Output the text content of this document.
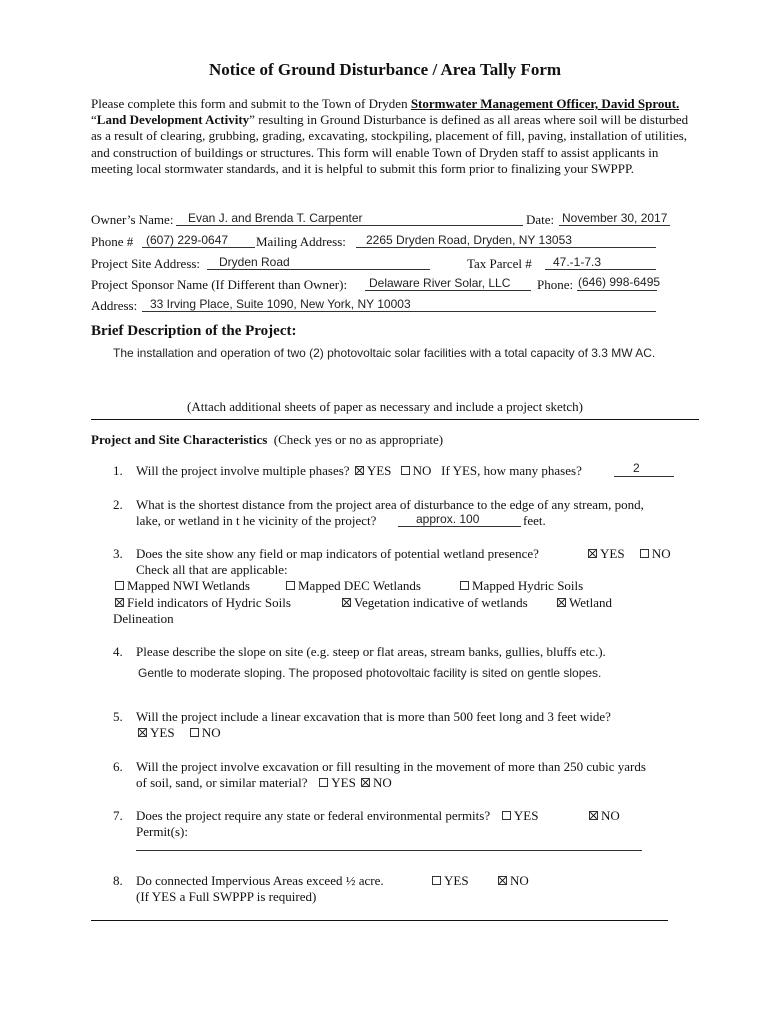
Notice of Ground Disturbance / Area Tally Form

Please complete this form and submit to the Town of Dryden Stormwater Management Officer, David Sprout. “Land Development Activity” resulting in Ground Disturbance is defined as all areas where soil will be disturbed as a result of clearing, grubbing, grading, excavating, stockpiling, placement of fill, paving, installation of utilities, and construction of buildings or structures. This form will enable Town of Dryden staff to assist applicants in meeting local stormwater standards, and it is helpful to submit this form prior to finalizing your SWPPP.

Owner’s Name: Evan J. and Brenda T. Carpenter	Date: November 30, 2017
Phone # (607) 229-0647 Mailing Address: 2265 Dryden Road, Dryden, NY 13053
Project Site Address: Dryden Road	Tax Parcel # 47.-1-7.3
Project Sponsor Name (If Different than Owner): Delaware River Solar, LLC Phone: (646) 998-6495
Address: 33 Irving Place, Suite 1090, New York, NY 10003
Brief Description of the Project:
The installation and operation of two (2) photovoltaic solar facilities with a total capacity of 3.3 MW AC.
(Attach additional sheets of paper as necessary and include a project sketch)
Project and Site Characteristics (Check yes or no as appropriate)
1. Will the project involve multiple phases? YES NO If YES, how many phases?	2
2. What is the shortest distance from the project area of disturbance to the edge of any stream, pond,
lake, or wetland in t he vicinity of the project?	approx. 100	feet.
3. Does the site show any field or map indicators of potential wetland presence?	YES NO
Check all that are applicable:
Mapped NWI Wetlands	Mapped DEC Wetlands	Mapped Hydric Soils
Field indicators of Hydric Soils	Vegetation indicative of wetlands	Wetland
Delineation
4. Please describe the slope on site (e.g. steep or flat areas, stream banks, gullies, bluffs etc.).
Gentle to moderate sloping. The proposed photovoltaic facility is sited on gentle slopes.
5. Will the project include a linear excavation that is more than 500 feet long and 3 feet wide?
YES NO
6. Will the project involve excavation or fill resulting in the movement of more than 250 cubic yards
of soil, sand, or similar material? YES NO
7. Does the project require any state or federal environmental permits? YES	NO
Permit(s):
8. Do connected Impervious Areas exceed ½ acre.	YES	NO
(If YES a Full SWPPP is required)
